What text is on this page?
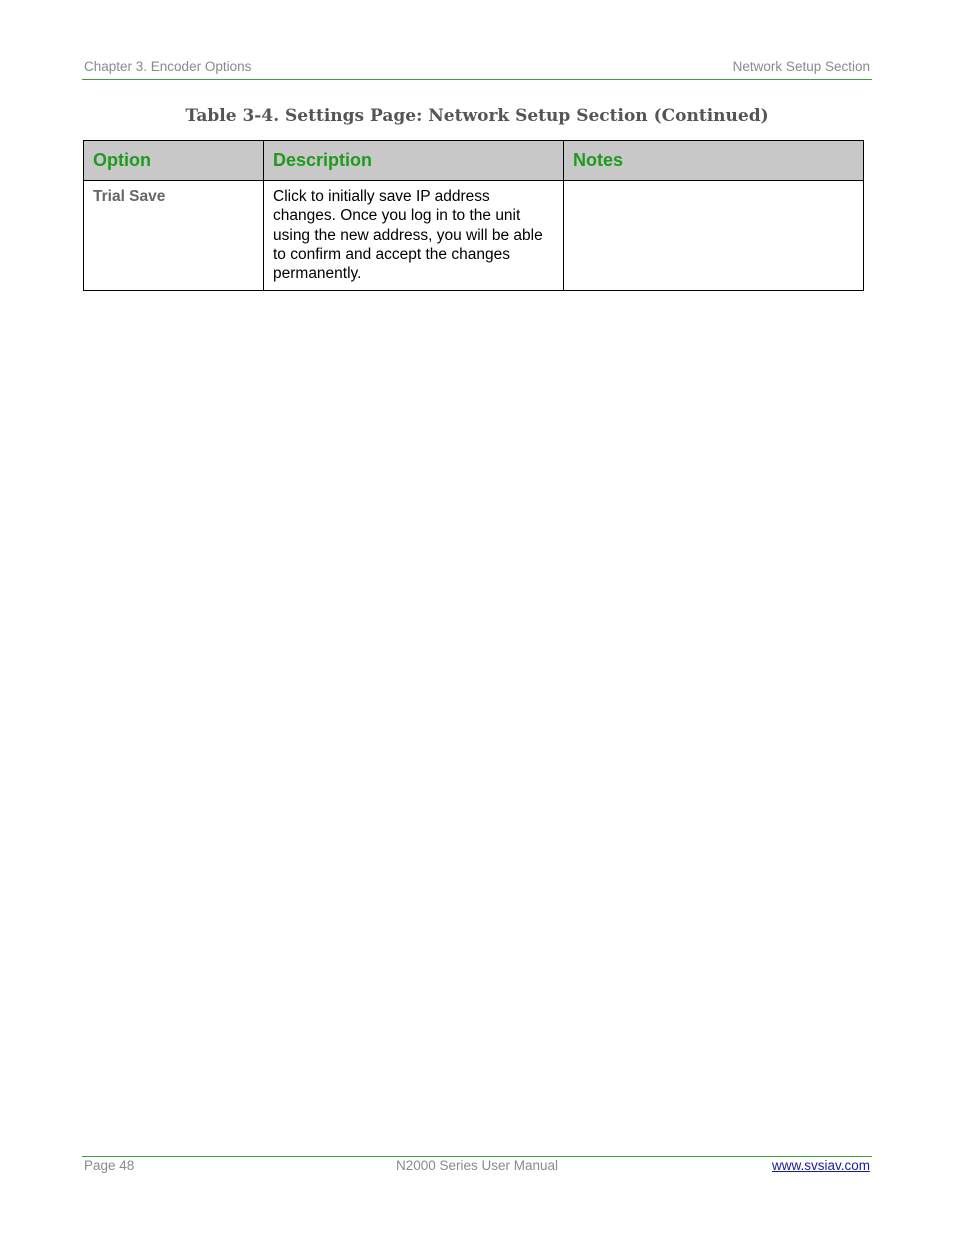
Chapter 3. Encoder Options	Network Setup Section
Table 3-4. Settings Page: Network Setup Section (Continued)
Option	Description	Notes
Trial Save	Click to initially save IP address changes. Once you log in to the unit using the new address, you will be able to confirm and accept the changes permanently.	
Page 48	N2000 Series User Manual	www.svsiav.com
